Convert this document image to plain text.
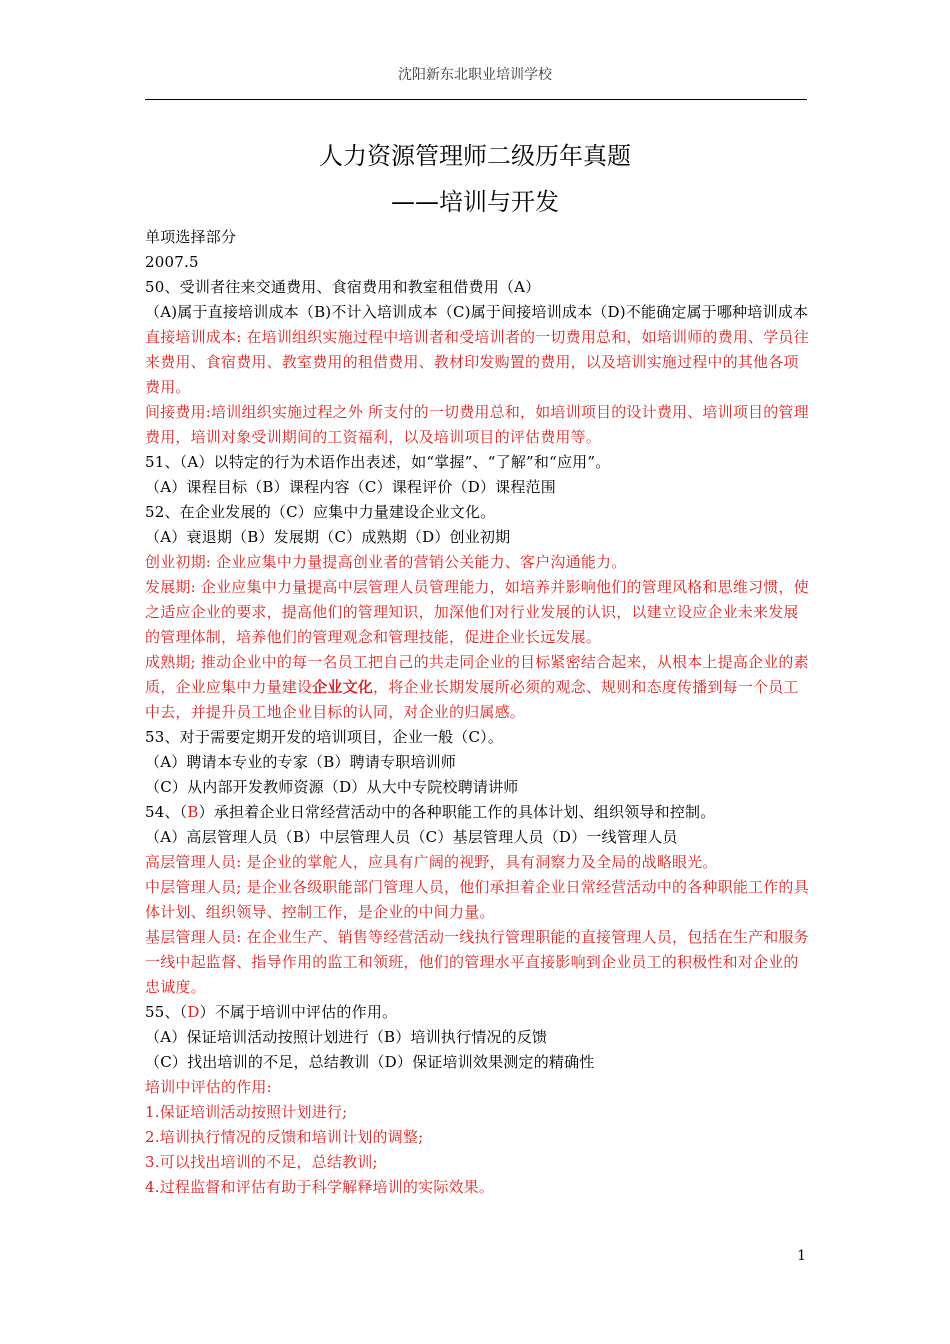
沈阳新东北职业培训学校
人力资源管理师二级历年真题
——培训与开发

单项选择部分

2007.5

50、受训者往来交通费用、食宿费用和教室租借费用（A）

（A)属于直接培训成本（B)不计入培训成本（C)属于间接培训成本（D)不能确定属于哪种培训成本

直接培训成本: 在培训组织实施过程中培训者和受培训者的一切费用总和，如培训师的费用、学员往来费用、食宿费用、教室费用的租借费用、教材印发购置的费用，以及培训实施过程中的其他各项费用。

间接费用:培训组织实施过程之外 所支付的一切费用总和，如培训项目的设计费用、培训项目的管理费用，培训对象受训期间的工资福利，以及培训项目的评估费用等。

51、（A）以特定的行为术语作出表述，如“掌握”、“了解”和“应用”。

（A）课程目标（B）课程内容（C）课程评价（D）课程范围

52、在企业发展的（C）应集中力量建设企业文化。

（A）衰退期（B）发展期（C）成熟期（D）创业初期

创业初期: 企业应集中力量提高创业者的营销公关能力、客户沟通能力。

发展期: 企业应集中力量提高中层管理人员管理能力，如培养并影响他们的管理风格和思维习惯，使之适应企业的要求，提高他们的管理知识，加深他们对行业发展的认识，以建立设应企业未来发展的管理体制，培养他们的管理观念和管理技能，促进企业长远发展。

成熟期; 推动企业中的每一名员工把自己的共走同企业的目标紧密结合起来，从根本上提高企业的素质，企业应集中力量建设企业文化，将企业长期发展所必须的观念、规则和态度传播到每一个员工中去，并提升员工地企业目标的认同，对企业的归属感。

53、对于需要定期开发的培训项目，企业一般（C）。

（A）聘请本专业的专家（B）聘请专职培训师

（C）从内部开发教师资源（D）从大中专院校聘请讲师

54、（B）承担着企业日常经营活动中的各种职能工作的具体计划、组织领导和控制。

（A）高层管理人员（B）中层管理人员（C）基层管理人员（D）一线管理人员

高层管理人员: 是企业的掌舵人，应具有广阔的视野，具有洞察力及全局的战略眼光。

中层管理人员; 是企业各级职能部门管理人员，他们承担着企业日常经营活动中的各种职能工作的具体计划、组织领导、控制工作，是企业的中间力量。

基层管理人员: 在企业生产、销售等经营活动一线执行管理职能的直接管理人员，包括在生产和服务一线中起监督、指导作用的监工和领班，他们的管理水平直接影响到企业员工的积极性和对企业的忠诚度。

55、（D）不属于培训中评估的作用。

（A）保证培训活动按照计划进行（B）培训执行情况的反馈

（C）找出培训的不足，总结教训（D）保证培训效果测定的精确性

培训中评估的作用:

1.保证培训活动按照计划进行;

2.培训执行情况的反馈和培训计划的调整;

3.可以找出培训的不足，总结教训;

4.过程监督和评估有助于科学解释培训的实际效果。

1
